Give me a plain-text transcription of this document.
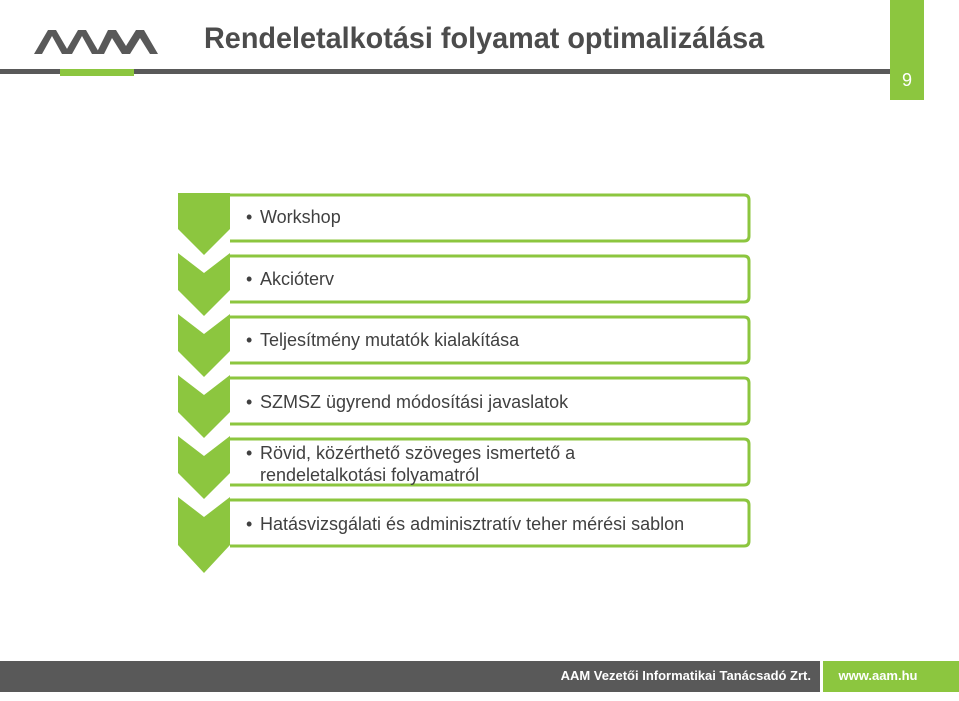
Rendeletalkotási folyamat optimalizálása
9
• Workshop
• Akcióterv
• Teljesítmény mutatók kialakítása
• SZMSZ ügyrend módosítási javaslatok
• Rövid, közérthető szöveges ismertető a
rendeletalkotási folyamatról
• Hatásvizsgálati és adminisztratív teher mérési sablon
AAM Vezetői Informatikai Tanácsadó Zrt.	www.aam.hu
